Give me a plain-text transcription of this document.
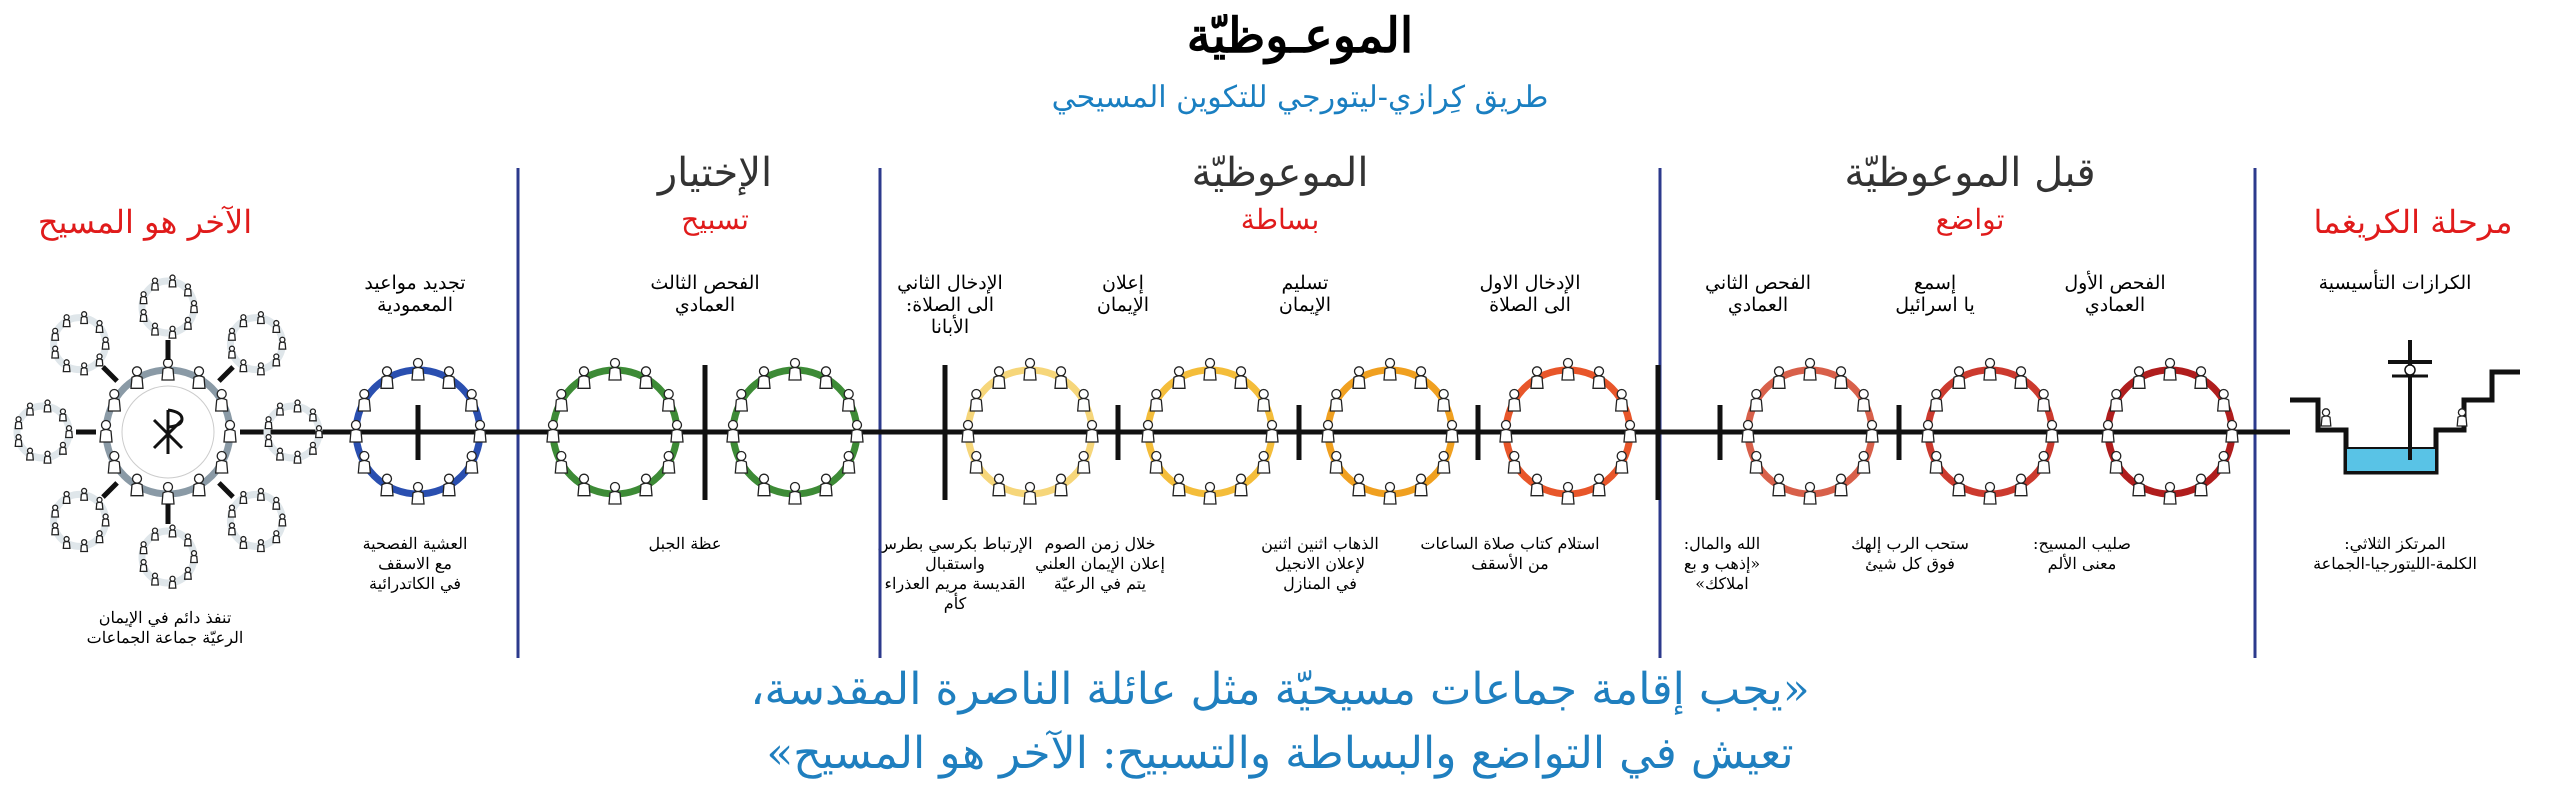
الموعـوظيّة
طريق كِرازي-ليتورجي للتكوين المسيحي
مرحلة الكريغما
قبل الموعوظيّة
تواضع
الموعوظيّة
بساطة
الإختيار
تسبيح
الآخر هو المسيح
الكرازات التأسيسية
الفحص الأول
العمادي
إسمع
يا اسرائيل
الفحص الثاني
العمادي
الإدخال الاول
الى الصلاة
تسليم
الإيمان
إعلان
الإيمان
الإدخال الثاني
الى الصلاة:
الأبانا
الفحص الثالث
العمادي
تجديد مواعيد
المعمودية
المرتكز الثلاثي:
الكلمة-الليتورجيا-الجماعة
صليب المسيح:
معنى الألم
ستحب الرب إلهك
فوق كل شيئ
الله والمال:
«إذهب و بع
املاكك»
استلام كتاب صلاة الساعات
من الأسقف
الذهاب اثنين اثنين
لإعلان الانجيل
في المنازل
خلال زمن الصوم
إعلان الإيمان العلني
يتم في الرعيّة
الإرتباط بكرسي بطرس
واستقبال
القديسة مريم العذراء
كأم
عظة الجبل
العشية الفصحية
مع الاسقف
في الكاتدرائية
تنفذ دائم في الإيمان
الرعيّة جماعة الجماعات
«يجب إقامة جماعات مسيحيّة مثل عائلة الناصرة المقدسة،
تعيش في التواضع والبساطة والتسبيح: الآخر هو المسيح»
